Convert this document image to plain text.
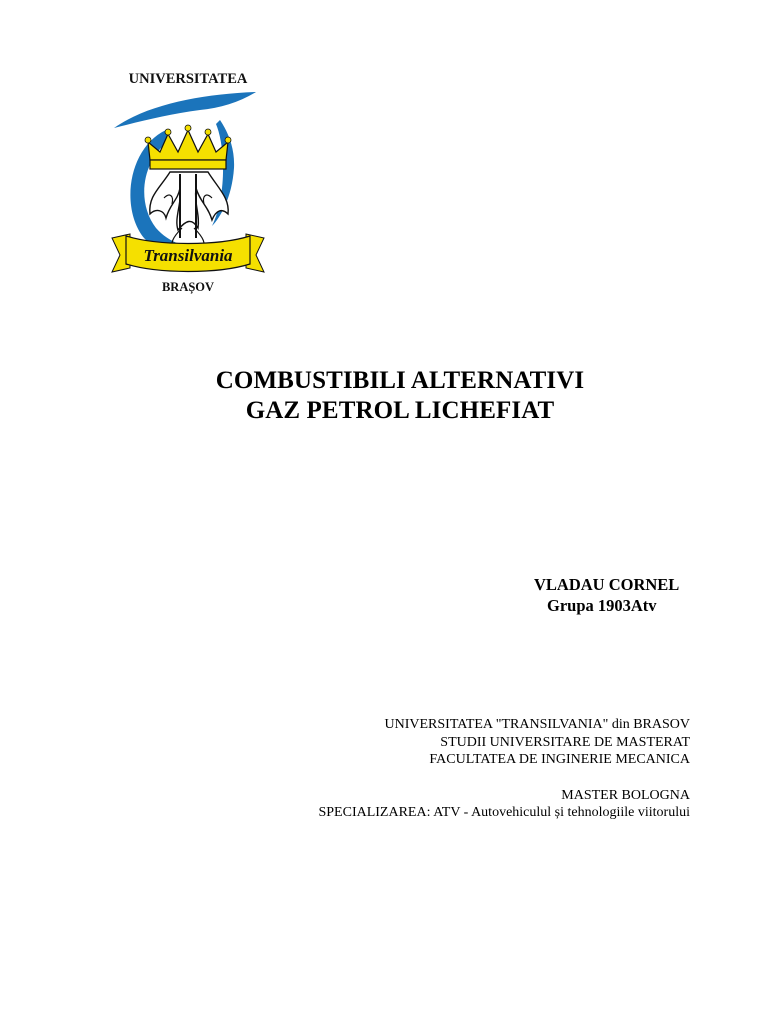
UNIVERSITATEA
Transilvania
BRAȘOV
COMBUSTIBILI ALTERNATIVI
GAZ PETROL LICHEFIAT
VLADAU CORNEL
Grupa 1903Atv
UNIVERSITATEA "TRANSILVANIA" din BRASOV
STUDII UNIVERSITARE DE MASTERAT
FACULTATEA DE INGINERIE MECANICA
MASTER BOLOGNA
SPECIALIZAREA: ATV - Autovehiculul și tehnologiile viitorului
